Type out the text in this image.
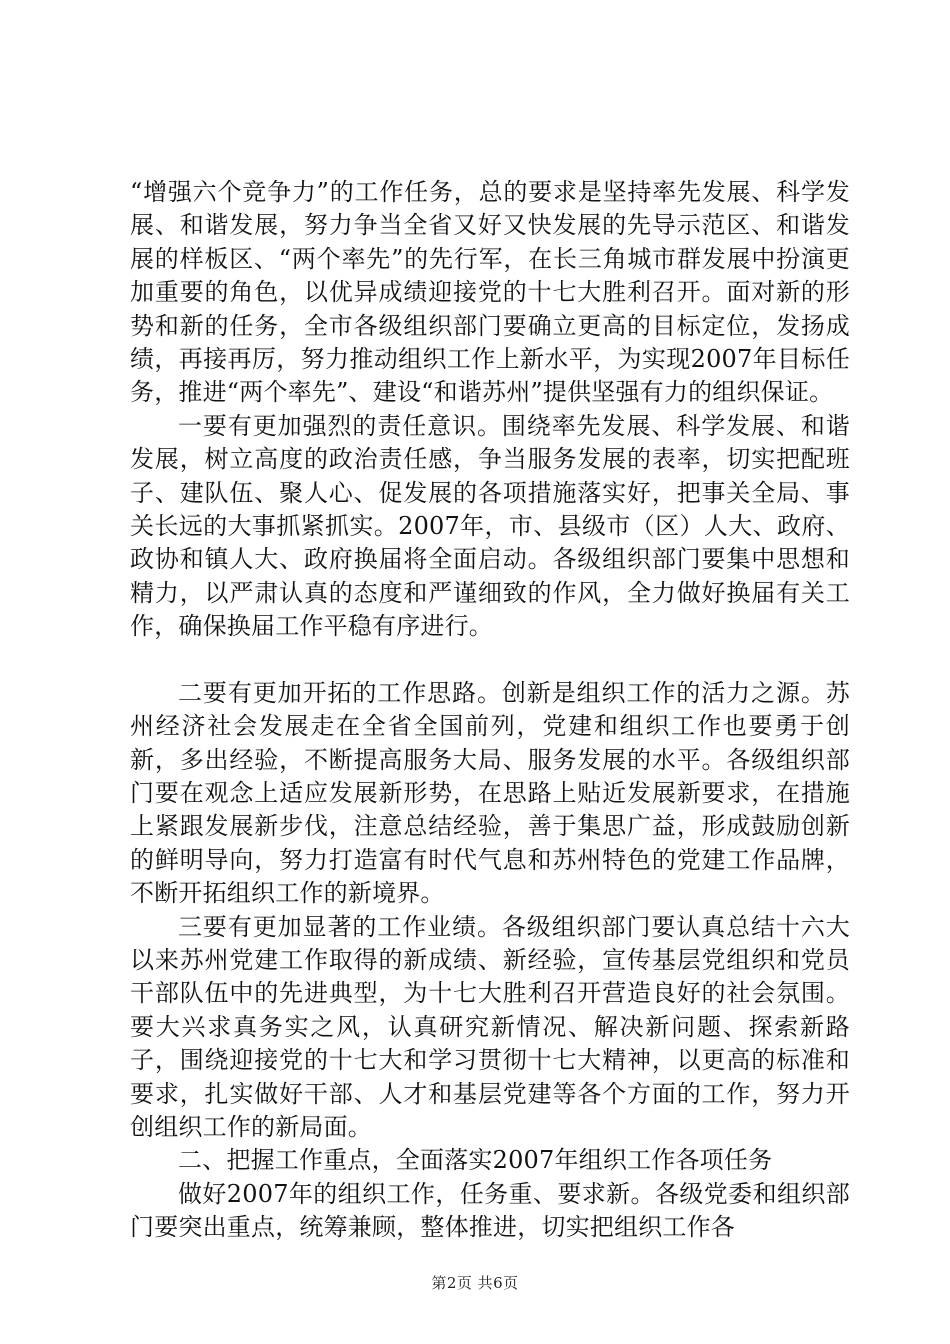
“增强六个竞争力”的工作任务，总的要求是坚持率先发展、科学发展、和谐发展，努力争当全省又好又快发展的先导示范区、和谐发展的样板区、“两个率先”的先行军，在长三角城市群发展中扮演更加重要的角色，以优异成绩迎接党的十七大胜利召开。面对新的形势和新的任务，全市各级组织部门要确立更高的目标定位，发扬成绩，再接再厉，努力推动组织工作上新水平，为实现2007年目标任务，推进“两个率先”、建设“和谐苏州”提供坚强有力的组织保证。

一要有更加强烈的责任意识。围绕率先发展、科学发展、和谐发展，树立高度的政治责任感，争当服务发展的表率，切实把配班子、建队伍、聚人心、促发展的各项措施落实好，把事关全局、事关长远的大事抓紧抓实。2007年，市、县级市（区）人大、政府、政协和镇人大、政府换届将全面启动。各级组织部门要集中思想和精力，以严肃认真的态度和严谨细致的作风，全力做好换届有关工作，确保换届工作平稳有序进行。

二要有更加开拓的工作思路。创新是组织工作的活力之源。苏州经济社会发展走在全省全国前列，党建和组织工作也要勇于创新，多出经验，不断提高服务大局、服务发展的水平。各级组织部门要在观念上适应发展新形势，在思路上贴近发展新要求，在措施上紧跟发展新步伐，注意总结经验，善于集思广益，形成鼓励创新的鲜明导向，努力打造富有时代气息和苏州特色的党建工作品牌，不断开拓组织工作的新境界。

三要有更加显著的工作业绩。各级组织部门要认真总结十六大以来苏州党建工作取得的新成绩、新经验，宣传基层党组织和党员干部队伍中的先进典型，为十七大胜利召开营造良好的社会氛围。要大兴求真务实之风，认真研究新情况、解决新问题、探索新路子，围绕迎接党的十七大和学习贯彻十七大精神，以更高的标准和要求，扎实做好干部、人才和基层党建等各个方面的工作，努力开创组织工作的新局面。

二、把握工作重点，全面落实2007年组织工作各项任务

做好2007年的组织工作，任务重、要求新。各级党委和组织部门要突出重点，统筹兼顾，整体推进，切实把组织工作各

第2页 共6页
